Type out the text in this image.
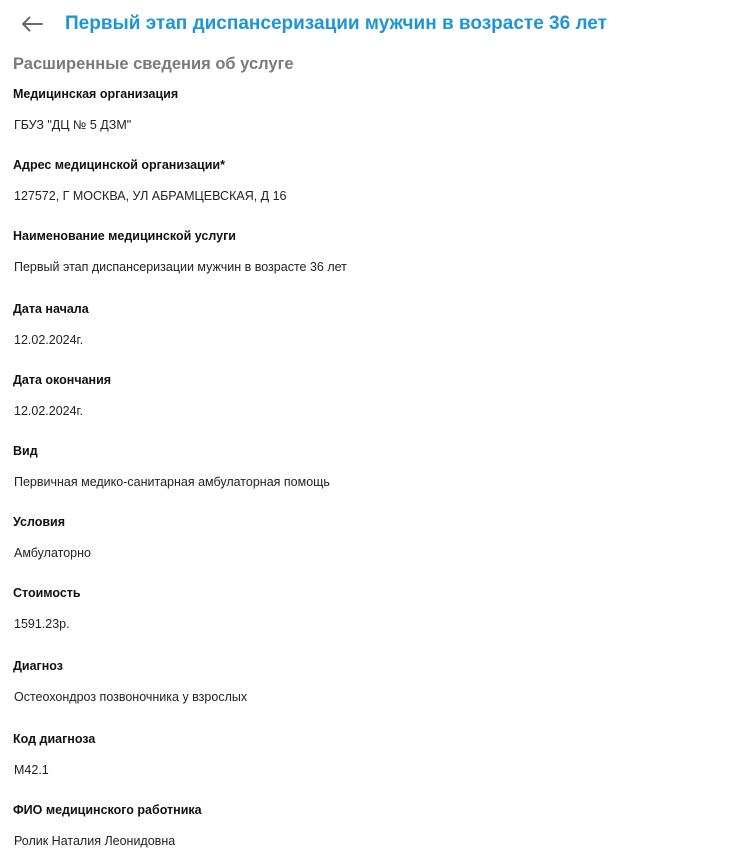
Первый этап диспансеризации мужчин в возрасте 36 лет
Расширенные сведения об услуге
Медицинская организация
ГБУЗ "ДЦ № 5 ДЗМ"
Адрес медицинской организации*
127572, Г МОСКВА, УЛ АБРАМЦЕВСКАЯ, Д 16
Наименование медицинской услуги
Первый этап диспансеризации мужчин в возрасте 36 лет
Дата начала
12.02.2024г.
Дата окончания
12.02.2024г.
Вид
Первичная медико-санитарная амбулаторная помощь
Условия
Амбулаторно
Стоимость
1591.23р.
Диагноз
Остеохондроз позвоночника у взрослых
Код диагноза
M42.1
ФИО медицинского работника
Ролик Наталия Леонидовна
